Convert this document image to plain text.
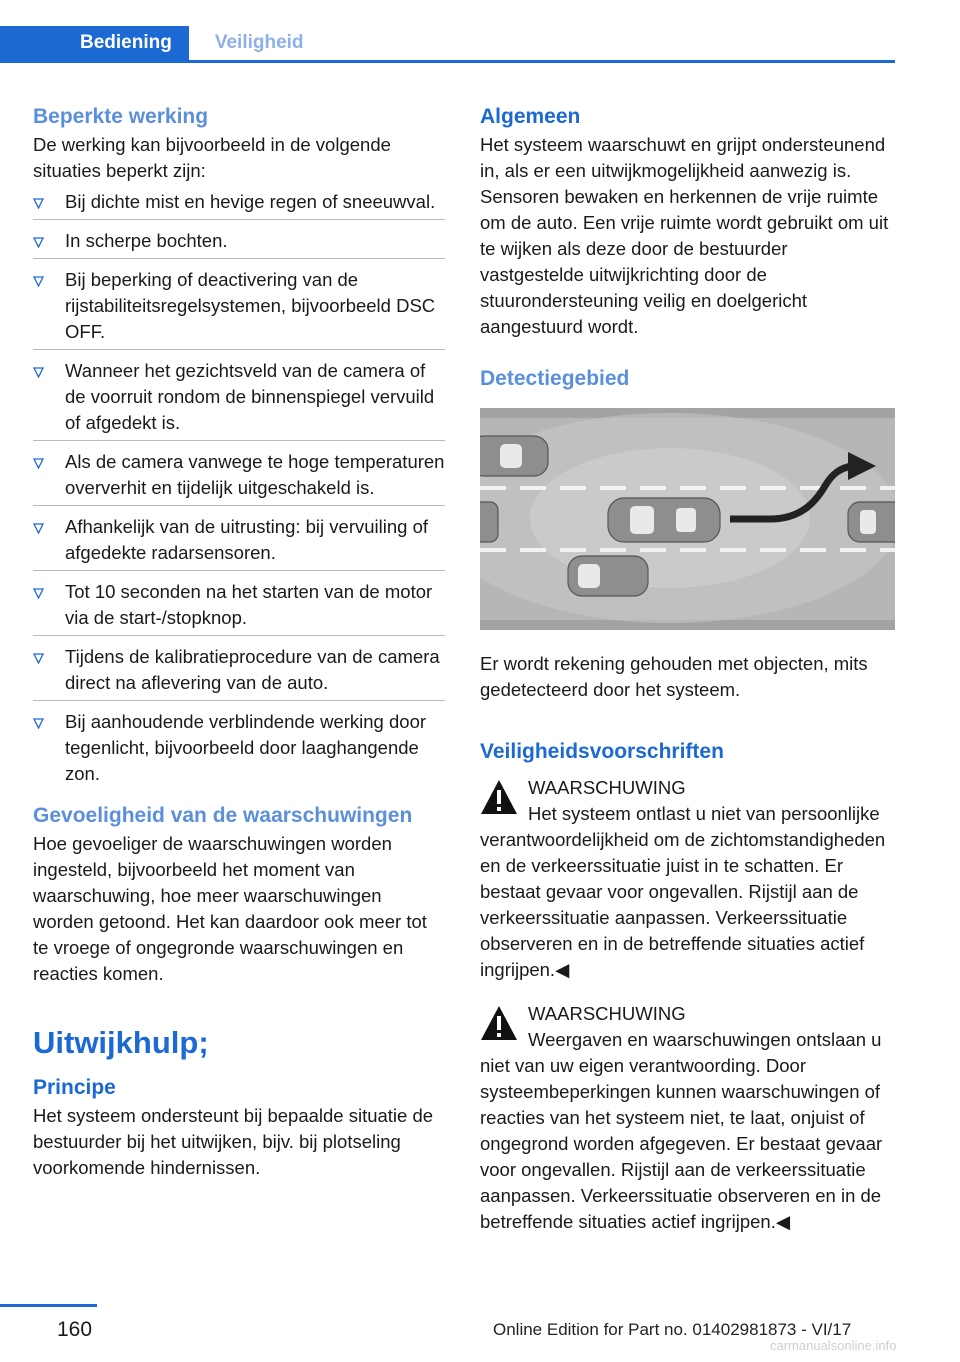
Bediening	Veiligheid
Beperkte werking

De werking kan bijvoorbeeld in de volgende situaties beperkt zijn:

Bij dichte mist en hevige regen of sneeuwval.
In scherpe bochten.
Bij beperking of deactivering van de rijstabiliteitsregelsystemen, bijvoorbeeld DSC OFF.
Wanneer het gezichtsveld van de camera of de voorruit rondom de binnenspiegel vervuild of afgedekt is.
Als de camera vanwege te hoge temperaturen oververhit en tijdelijk uitgeschakeld is.
Afhankelijk van de uitrusting: bij vervuiling of afgedekte radarsensoren.
Tot 10 seconden na het starten van de motor via de start-/stopknop.
Tijdens de kalibratieprocedure van de camera direct na aflevering van de auto.
Bij aanhoudende verblindende werking door tegenlicht, bijvoorbeeld door laaghangende zon.
Gevoeligheid van de waarschuwingen

Hoe gevoeliger de waarschuwingen worden ingesteld, bijvoorbeeld het moment van waarschuwing, hoe meer waarschuwingen worden getoond. Het kan daardoor ook meer tot te vroege of ongegronde waarschuwingen en reacties komen.

Uitwijkhulp;
Principe

Het systeem ondersteunt bij bepaalde situatie de bestuurder bij het uitwijken, bijv. bij plotseling voorkomende hindernissen.

Algemeen

Het systeem waarschuwt en grijpt ondersteunend in, als er een uitwijkmogelijkheid aanwezig is. Sensoren bewaken en herkennen de vrije ruimte om de auto. Een vrije ruimte wordt gebruikt om uit te wijken als deze door de bestuurder vastgestelde uitwijkrichting door de stuurondersteuning veilig en doelgericht aangestuurd wordt.

Detectiegebied

Er wordt rekening gehouden met objecten, mits gedetecteerd door het systeem.

Veiligheidsvoorschriften

WAARSCHUWING

Het systeem ontlast u niet van persoonlijke verantwoordelijkheid om de zichtomstandigheden en de verkeerssituatie juist in te schatten. Er bestaat gevaar voor ongevallen. Rijstijl aan de verkeerssituatie aanpassen. Verkeerssituatie observeren en in de betreffende situaties actief ingrijpen.◀

WAARSCHUWING

Weergaven en waarschuwingen ontslaan u niet van uw eigen verantwoording. Door systeembeperkingen kunnen waarschuwingen of reacties van het systeem niet, te laat, onjuist of ongegrond worden afgegeven. Er bestaat gevaar voor ongevallen. Rijstijl aan de verkeerssituatie aanpassen. Verkeerssituatie observeren en in de betreffende situaties actief ingrijpen.◀

160	Online Edition for Part no. 01402981873 - VI/17
carmanualsonline.info
